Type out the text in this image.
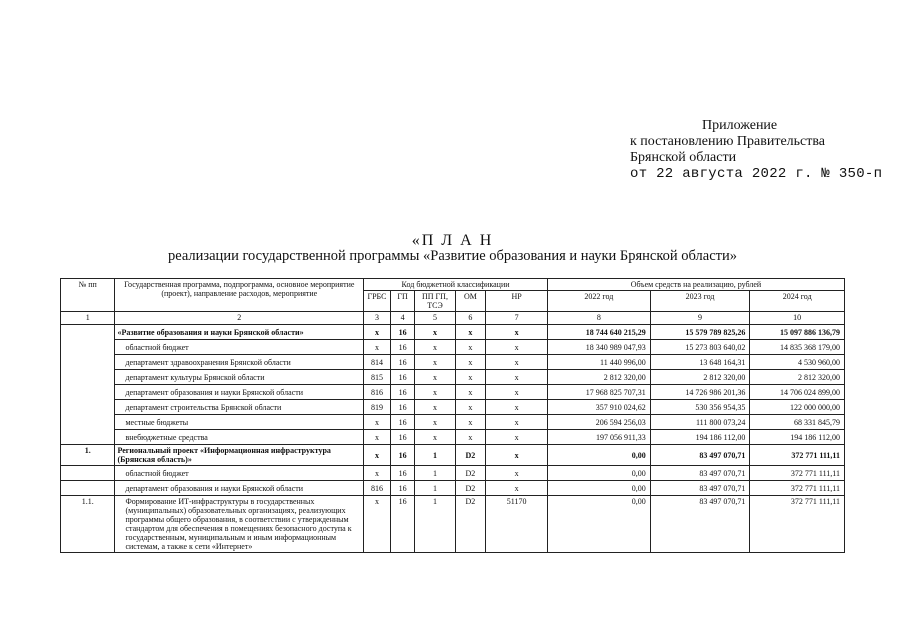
Приложение
к постановлению Правительства
Брянской области
от 22 августа 2022 г. № 350-п
«П Л А Н
реализации государственной программы «Развитие образования и науки Брянской области»
№ пп	Государственная программа, подпрограмма, основное мероприятие (проект), направление расходов, мероприятие	Код бюджетной классификации					Объем средств на реализацию, рублей		
		ГРБС	ГП	ПП ГП, ТСЭ	ОМ	НР	2022 год	2023 год	2024 год
1	2	3	4	5	6	7	8	9	10
	«Развитие образования и науки Брянской области»	x	16	x	x	x	18 744 640 215,29	15 579 789 825,26	15 097 886 136,79
	областной бюджет	x	16	x	x	x	18 340 989 047,93	15 273 803 640,02	14 835 368 179,00
	департамент здравоохранения Брянской области	814	16	x	x	x	11 440 996,00	13 648 164,31	4 530 960,00
	департамент культуры Брянской области	815	16	x	x	x	2 812 320,00	2 812 320,00	2 812 320,00
	департамент образования и науки Брянской области	816	16	x	x	x	17 968 825 707,31	14 726 986 201,36	14 706 024 899,00
	департамент строительства Брянской области	819	16	x	x	x	357 910 024,62	530 356 954,35	122 000 000,00
	местные бюджеты	x	16	x	x	x	206 594 256,03	111 800 073,24	68 331 845,79
	внебюджетные средства	x	16	x	x	x	197 056 911,33	194 186 112,00	194 186 112,00
1.	Региональный проект «Информационная инфраструктура (Брянская область)»	x	16	1	D2	x	0,00	83 497 070,71	372 771 111,11
	областной бюджет	x	16	1	D2	x	0,00	83 497 070,71	372 771 111,11
	департамент образования и науки Брянской области	816	16	1	D2	x	0,00	83 497 070,71	372 771 111,11
1.1.	Формирование ИТ-инфраструктуры в государственных (муниципальных) образовательных организациях, реализующих программы общего образования, в соответствии с утвержденным стандартом для обеспечения в помещениях безопасного доступа к государственным, муниципальным и иным информационным системам, а также к сети «Интернет»	x	16	1	D2	51170	0,00	83 497 070,71	372 771 111,11
